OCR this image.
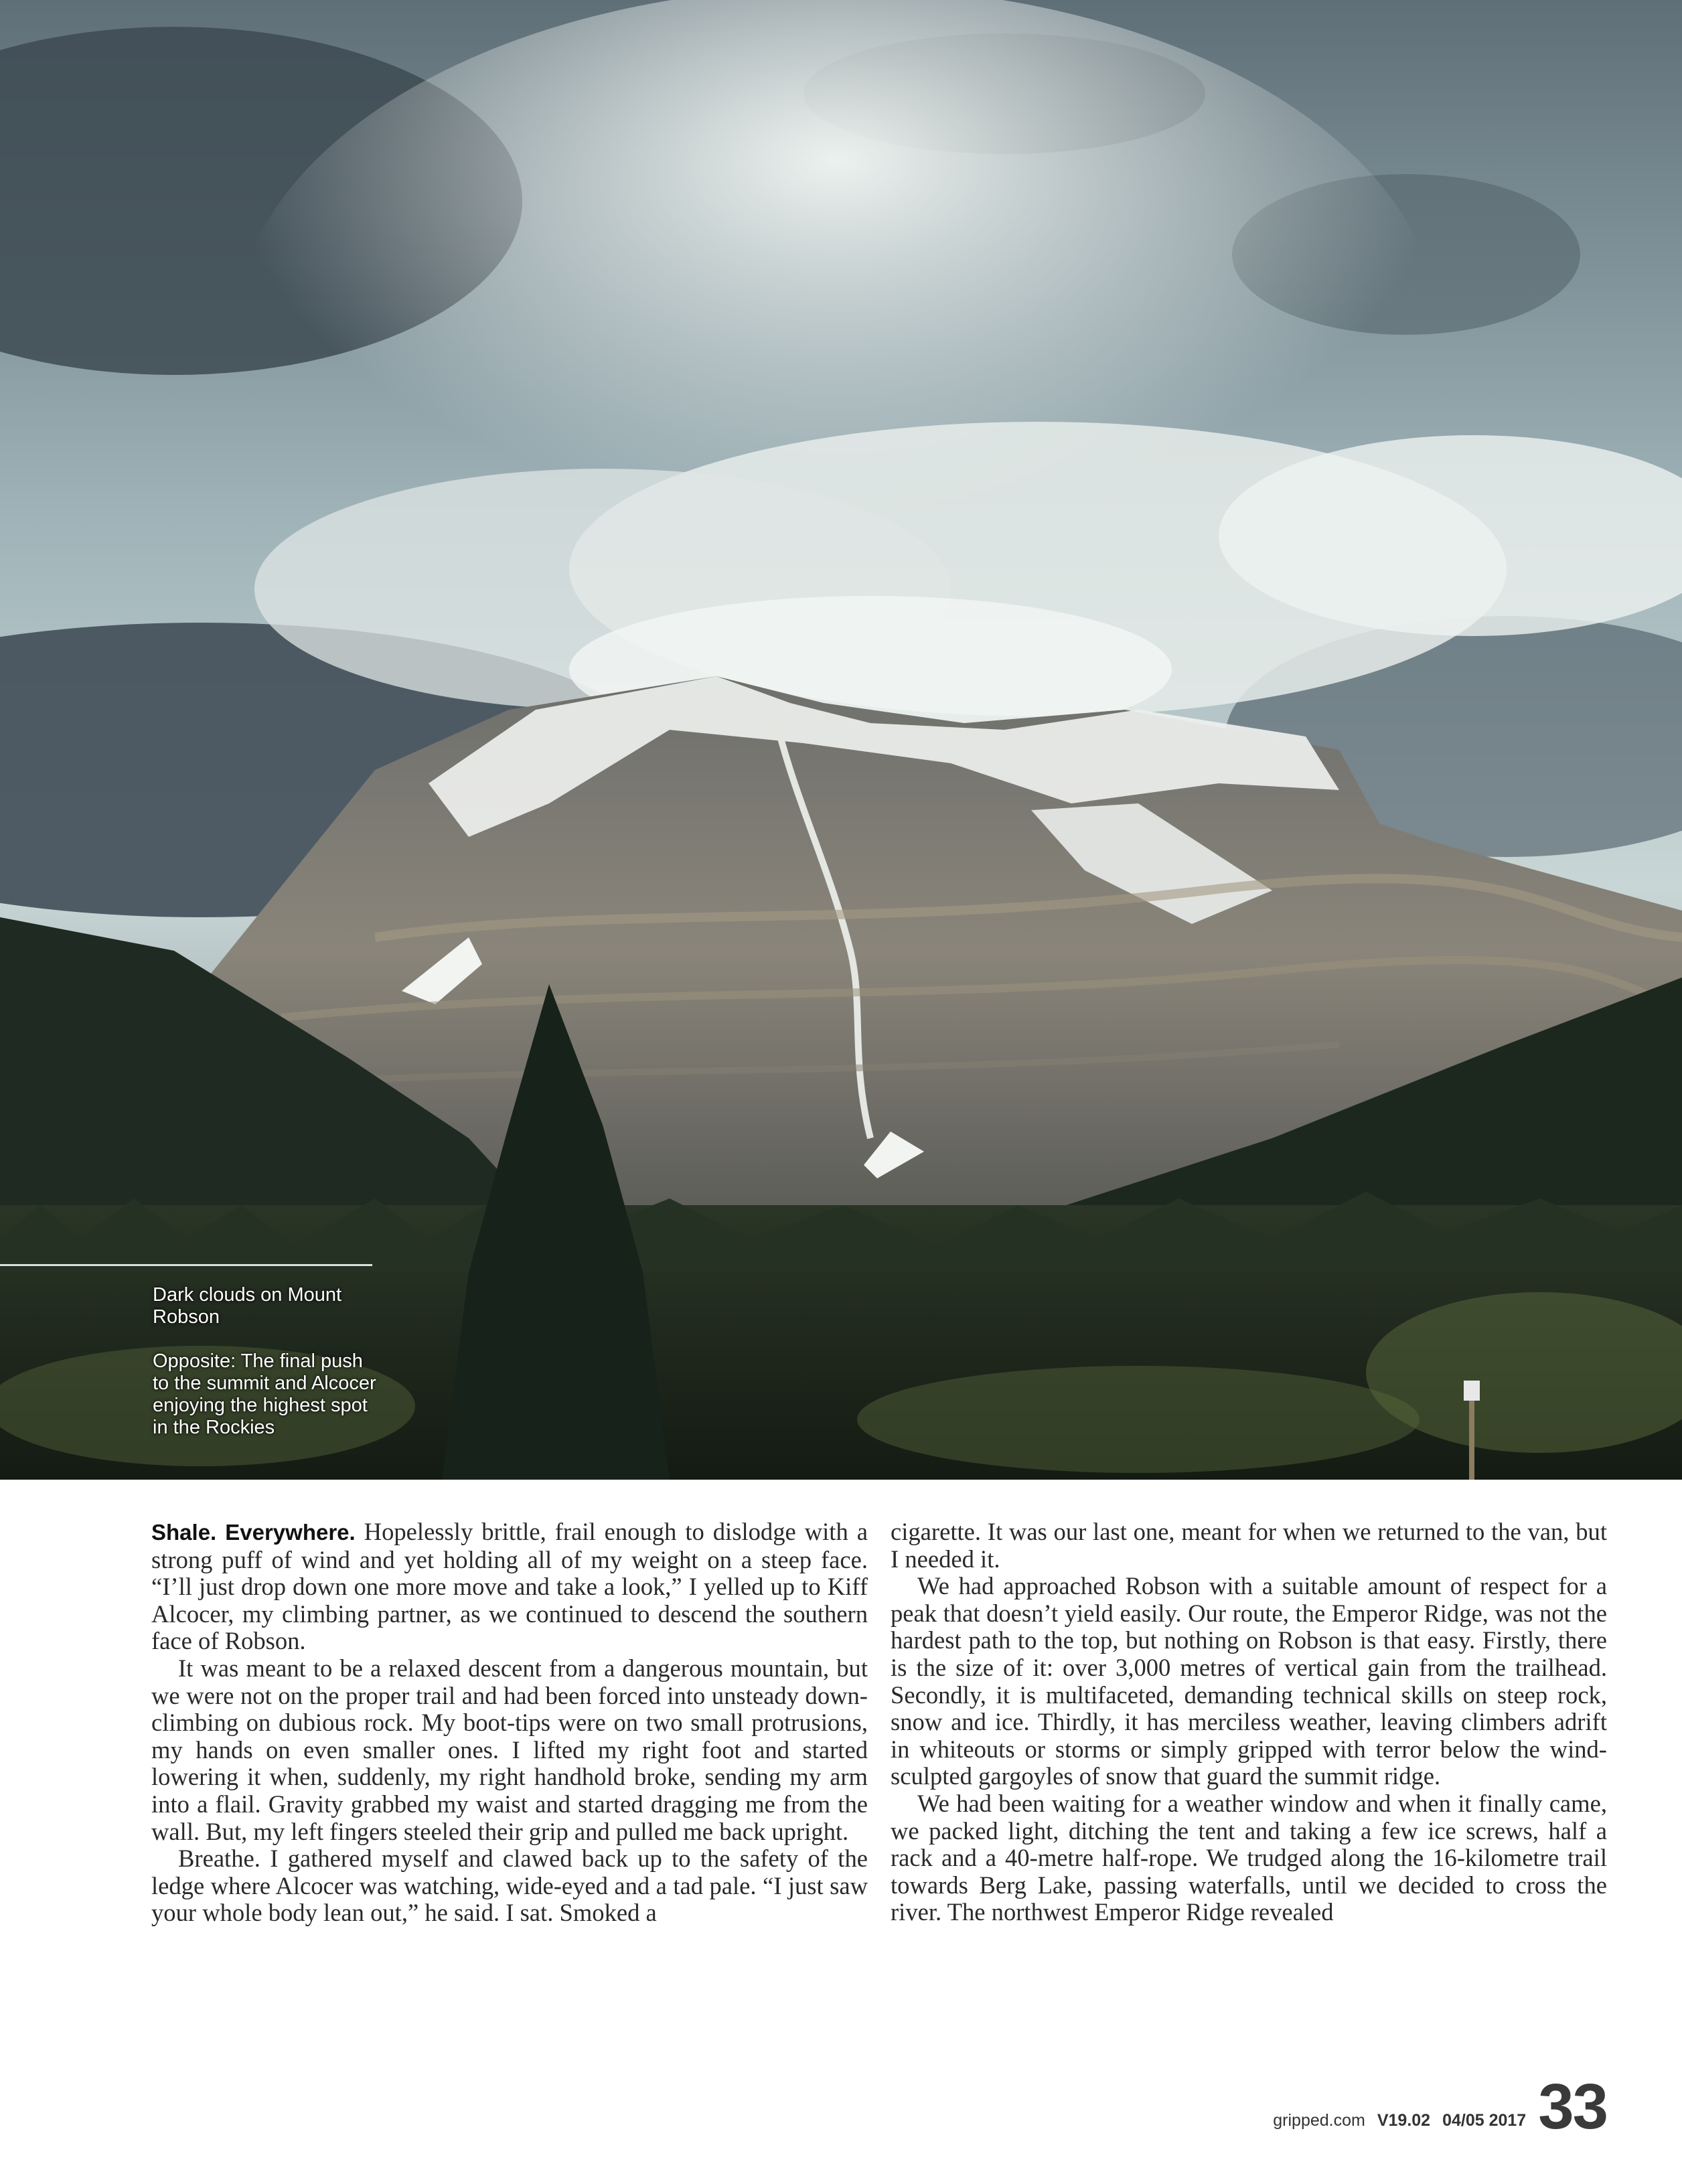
Dark clouds on Mount Robson

Opposite: The final push to the summit and Alcocer enjoying the highest spot in the Rockies

Shale. Everywhere. Hopelessly brittle, frail enough to dislodge with a strong puff of wind and yet holding all of my weight on a steep face. “I’ll just drop down one more move and take a look,” I yelled up to Kiff Alcocer, my climbing partner, as we continued to descend the southern face of Robson.

It was meant to be a relaxed descent from a dangerous mountain, but we were not on the proper trail and had been forced into unsteady down-climbing on dubious rock. My boot-tips were on two small protrusions, my hands on even smaller ones. I lifted my right foot and started lowering it when, suddenly, my right handhold broke, sending my arm into a flail. Gravity grabbed my waist and started dragging me from the wall. But, my left fingers steeled their grip and pulled me back upright.

Breathe. I gathered myself and clawed back up to the safety of the ledge where Alcocer was watching, wide-eyed and a tad pale. “I just saw your whole body lean out,” he said. I sat. Smoked a

cigarette. It was our last one, meant for when we returned to the van, but I needed it.

We had approached Robson with a suitable amount of respect for a peak that doesn’t yield easily. Our route, the Emperor Ridge, was not the hardest path to the top, but nothing on Robson is that easy. Firstly, there is the size of it: over 3,000 metres of vertical gain from the trailhead. Secondly, it is multifaceted, demanding technical skills on steep rock, snow and ice. Thirdly, it has merciless weather, leaving climbers adrift in whiteouts or storms or simply gripped with terror below the wind-sculpted gargoyles of snow that guard the summit ridge.

We had been waiting for a weather window and when it finally came, we packed light, ditching the tent and taking a few ice screws, half a rack and a 40-metre half-rope. We trudged along the 16-kilometre trail towards Berg Lake, passing waterfalls, until we decided to cross the river. The northwest Emperor Ridge revealed

gripped.com V19.02 04/05 2017 33
